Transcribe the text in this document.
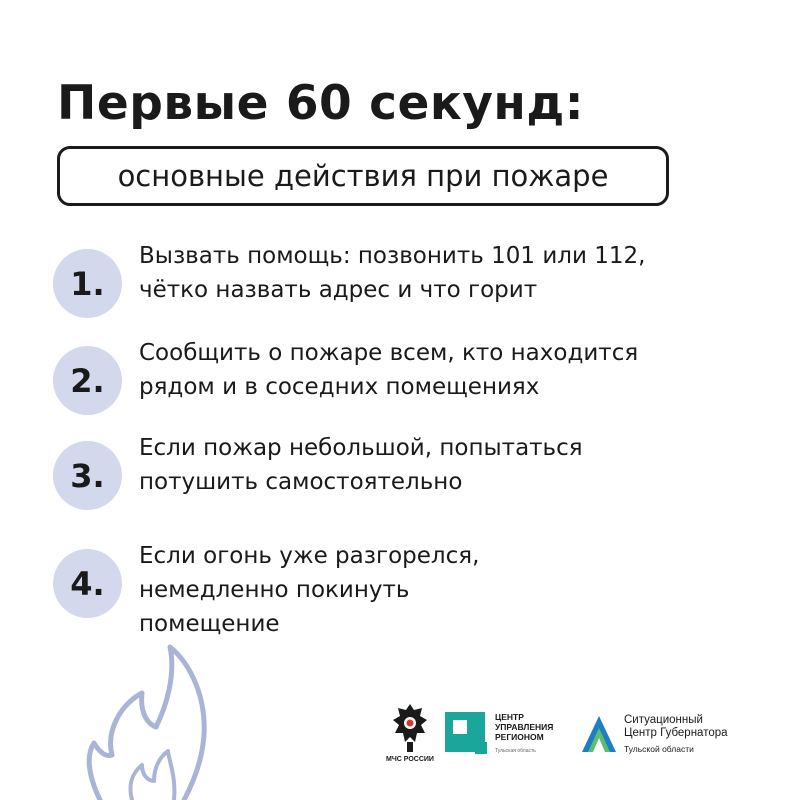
Первые 60 секунд:
основные действия при пожаре
1.
Вызвать помощь: позвонить 101 или 112,
чётко назвать адрес и что горит
2.
Сообщить о пожаре всем, кто находится
рядом и в соседних помещениях
3.
Если пожар небольшой, попытаться
потушить самостоятельно
4.
Если огонь уже разгорелся,
немедленно покинуть
помещение
МЧС РОССИИ
ЦЕНТР
УПРАВЛЕНИЯ
РЕГИОНОМ
Тульская область
Ситуационный
Центр Губернатора
Тульской области
